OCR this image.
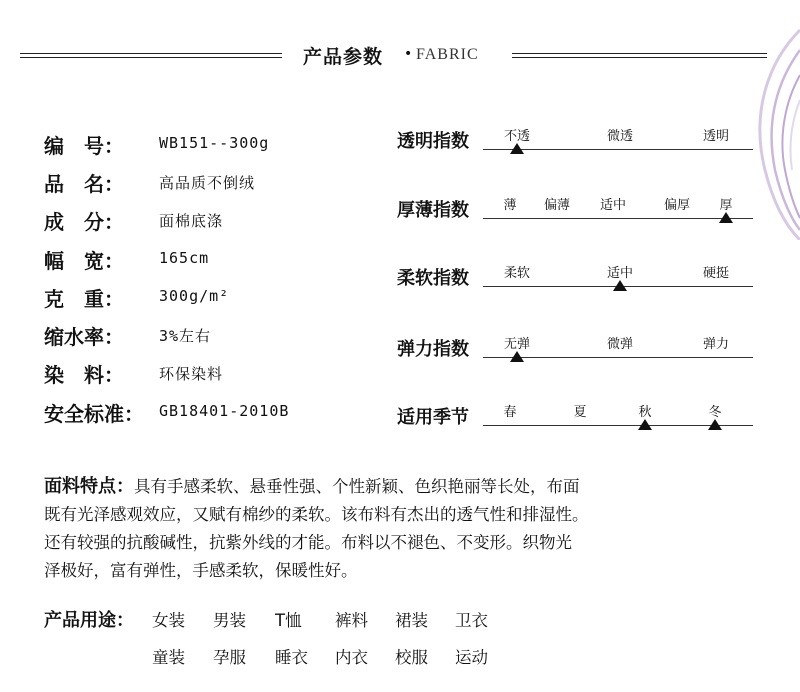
产品参数 • FABRIC
编　号：	WB151--300g
品　名：	高品质不倒绒
成　分：	面棉底涤
幅　宽：	165cm
克　重：	300g/m²
缩水率：	3%左右
染　料：	环保染料
安全标准：	GB18401-2010B
透明指数	不透	微透	透明
厚薄指数	薄 偏薄 适中	偏厚 厚
柔软指数	柔软	适中	硬挺
弹力指数	无弹	微弹	弹力
适用季节	春	夏	秋	冬
面料特点：具有手感柔软、悬垂性强、个性新颖、色织艳丽等长处，布面
既有光泽感观效应，又赋有棉纱的柔软。该布料有杰出的透气性和排湿性。
还有较强的抗酸碱性，抗紫外线的才能。布料以不褪色、不变形。织物光
泽极好，富有弹性，手感柔软，保暖性好。
产品用途： 女装 男装 T恤 裤料 裙装 卫衣
童装 孕服 睡衣 内衣 校服 运动
